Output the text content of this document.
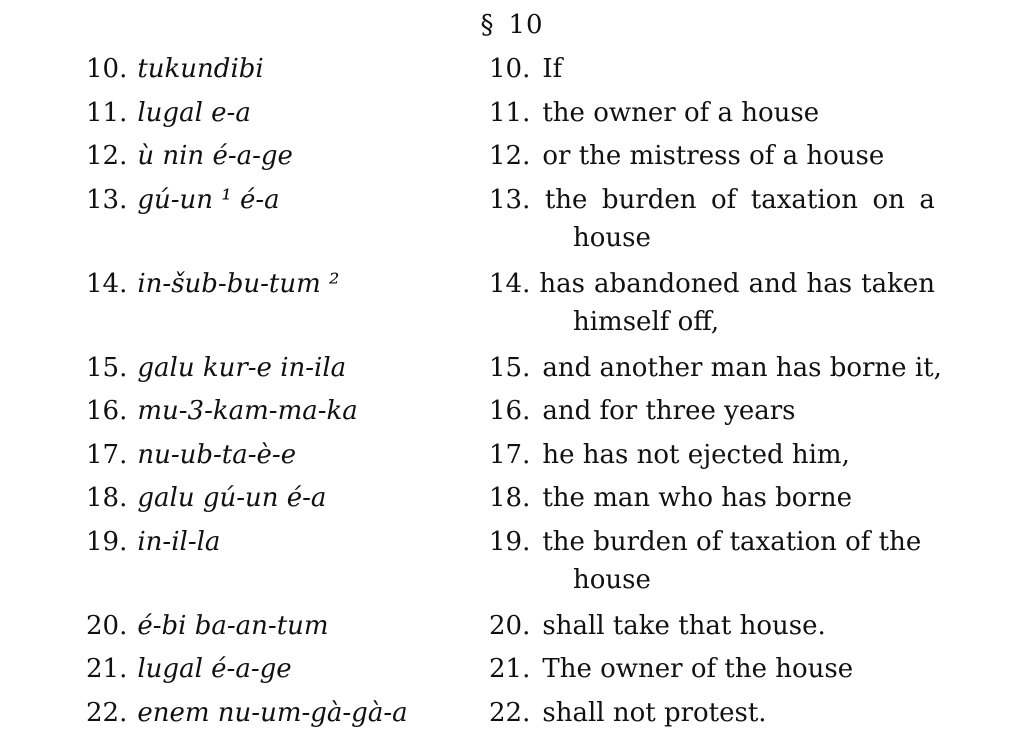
§ 10
10. tukundibi	10. If
11. lugal e-a	11. the owner of a house
12. ù nin é-a-ge	12. or the mistress of a house
13. gú-un ¹ é-a	13. the burden of taxation on a
house
14. in-šub-bu-tum ²	14. has abandoned and has taken
himself off,
15. galu kur-e in-ila	15. and another man has borne it,
16. mu-3-kam-ma-ka	16. and for three years
17. nu-ub-ta-è-e	17. he has not ejected him,
18. galu gú-un é-a	18. the man who has borne
19. in-il-la	19. the burden of taxation of the
house
20. é-bi ba-an-tum	20. shall take that house.
21. lugal é-a-ge	21. The owner of the house
22. enem nu-um-gà-gà-a	22. shall not protest.
